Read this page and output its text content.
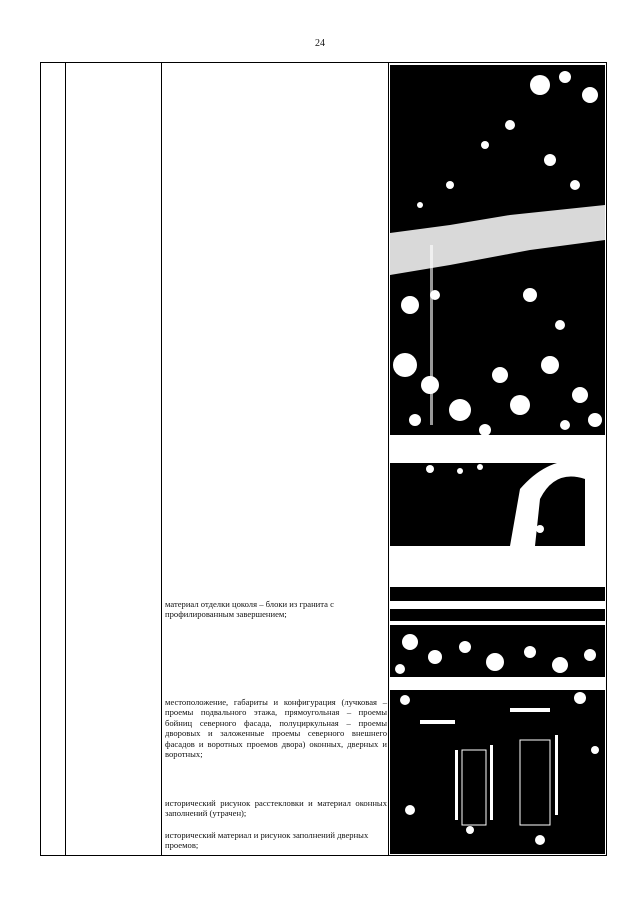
24

материал отделки цоколя – блоки из гранита с профилированным завершением;

местоположение, габариты и конфигурация (лучковая – проемы подвального этажа, прямоугольная – проемы бойниц северного фасада, полуциркульная – проемы дворовых и заложенные проемы северного внешнего фасадов и воротных проемов двора) оконных, дверных и воротных;

исторический рисунок расстекловки и материал оконных заполнений (утрачен);

исторический материал и рисунок заполнений дверных проемов;
